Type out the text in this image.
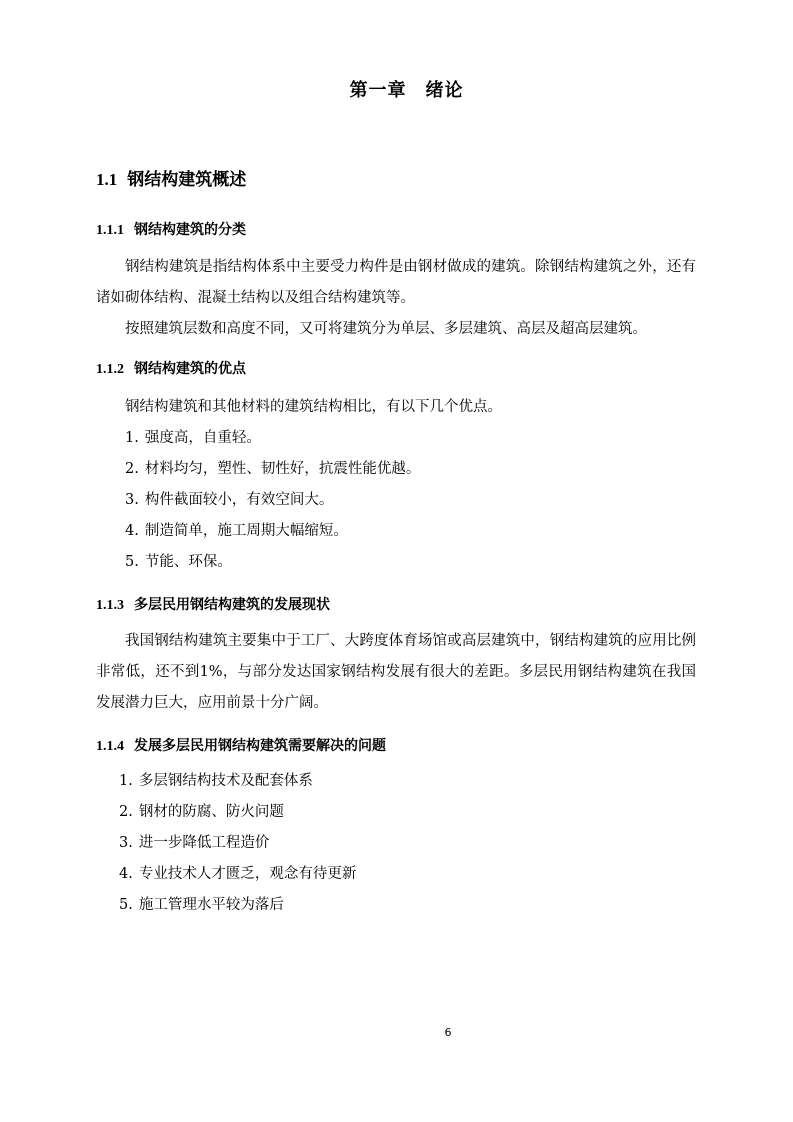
第一章　绪论
1.1 钢结构建筑概述
1.1.1 钢结构建筑的分类
钢结构建筑是指结构体系中主要受力构件是由钢材做成的建筑。除钢结构建筑之外，还有诸如砌体结构、混凝土结构以及组合结构建筑等。
按照建筑层数和高度不同，又可将建筑分为单层、多层建筑、高层及超高层建筑。
1.1.2 钢结构建筑的优点
钢结构建筑和其他材料的建筑结构相比，有以下几个优点。
1. 强度高，自重轻。
2. 材料均匀，塑性、韧性好，抗震性能优越。
3. 构件截面较小，有效空间大。
4. 制造简单，施工周期大幅缩短。
5. 节能、环保。
1.1.3 多层民用钢结构建筑的发展现状
我国钢结构建筑主要集中于工厂、大跨度体育场馆或高层建筑中，钢结构建筑的应用比例非常低，还不到1%，与部分发达国家钢结构发展有很大的差距。多层民用钢结构建筑在我国发展潜力巨大，应用前景十分广阔。
1.1.4 发展多层民用钢结构建筑需要解决的问题
1. 多层钢结构技术及配套体系
2. 钢材的防腐、防火问题
3. 进一步降低工程造价
4. 专业技术人才匮乏，观念有待更新
5. 施工管理水平较为落后
6
